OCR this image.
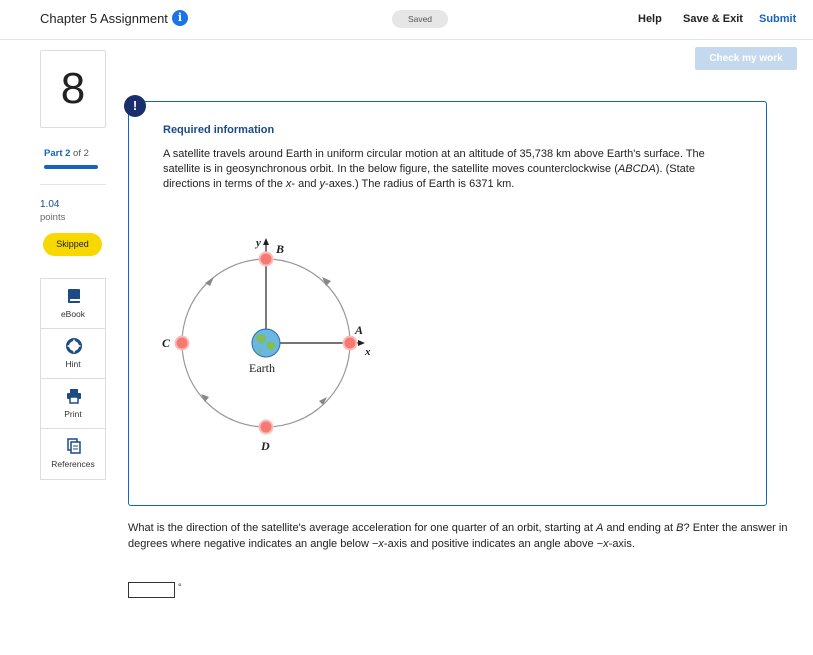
Chapter 5 Assignment i	Saved	Help Save & Exit Submit
Check my work
8
Part 2 of 2
1.04
points
Skipped
eBook
Hint
Print
References
!
Required information
A satellite travels around Earth in uniform circular motion at an altitude of 35,738 km above Earth's surface. The satellite is in geosynchronous orbit. In the below figure, the satellite moves counterclockwise (ABCDA). (State directions in terms of the x- and y-axes.) The radius of Earth is 6371 km.
y B
A
x
C
D
Earth
What is the direction of the satellite's average acceleration for one quarter of an orbit, starting at A and ending at B? Enter the answer in degrees where negative indicates an angle below −x-axis and positive indicates an angle above −x-axis.
°
